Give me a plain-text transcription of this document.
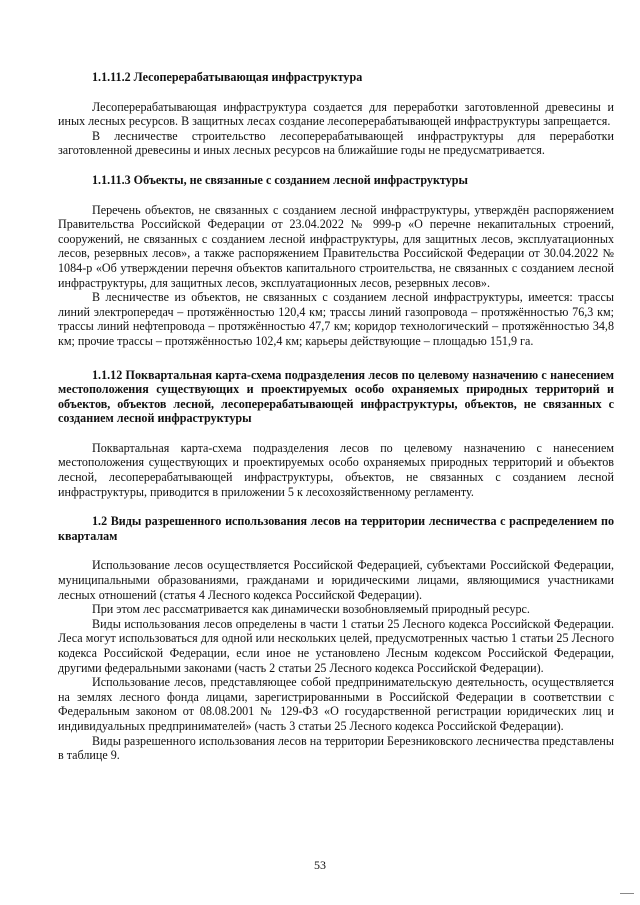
1.1.11.2 Лесоперерабатывающая инфраструктура

Лесоперерабатывающая инфраструктура создается для переработки заготовленной древесины и иных лесных ресурсов. В защитных лесах создание лесоперерабатывающей инфраструктуры запрещается.

В лесничестве строительство лесоперерабатывающей инфраструктуры для переработки заготовленной древесины и иных лесных ресурсов на ближайшие годы не предусматривается.

1.1.11.3 Объекты, не связанные с созданием лесной инфраструктуры

Перечень объектов, не связанных с созданием лесной инфраструктуры, утверждён распоряжением Правительства Российской Федерации от 23.04.2022 № 999-р «О перечне некапитальных строений, сооружений, не связанных с созданием лесной инфраструктуры, для защитных лесов, эксплуатационных лесов, резервных лесов», а также распоряжением Правительства Российской Федерации от 30.04.2022 № 1084-р «Об утверждении перечня объектов капитального строительства, не связанных с созданием лесной инфраструктуры, для защитных лесов, эксплуатационных лесов, резервных лесов».

В лесничестве из объектов, не связанных с созданием лесной инфраструктуры, имеется: трассы линий электропередач – протяжённостью 120,4 км; трассы линий газопровода – протяжённостью 76,3 км; трассы линий нефтепровода – протяжённостью 47,7 км; коридор технологический – протяжённостью 34,8 км; прочие трассы – протяжённостью 102,4 км; карьеры действующие – площадью 151,9 га.

1.1.12 Поквартальная карта-схема подразделения лесов по целевому назначению с нанесением местоположения существующих и проектируемых особо охраняемых природных территорий и объектов, объектов лесной, лесоперерабатывающей инфраструктуры, объектов, не связанных с созданием лесной инфраструктуры

Поквартальная карта-схема подразделения лесов по целевому назначению с нанесением местоположения существующих и проектируемых особо охраняемых природных территорий и объектов лесной, лесоперерабатывающей инфраструктуры, объектов, не связанных с созданием лесной инфраструктуры, приводится в приложении 5 к лесохозяйственному регламенту.

1.2 Виды разрешенного использования лесов на территории лесничества с распределением по кварталам

Использование лесов осуществляется Российской Федерацией, субъектами Российской Федерации, муниципальными образованиями, гражданами и юридическими лицами, являющимися участниками лесных отношений (статья 4 Лесного кодекса Российской Федерации).

При этом лес рассматривается как динамически возобновляемый природный ресурс.

Виды использования лесов определены в части 1 статьи 25 Лесного кодекса Российской Федерации. Леса могут использоваться для одной или нескольких целей, предусмотренных частью 1 статьи 25 Лесного кодекса Российской Федерации, если иное не установлено Лесным кодексом Российской Федерации, другими федеральными законами (часть 2 статьи 25 Лесного кодекса Российской Федерации).

Использование лесов, представляющее собой предпринимательскую деятельность, осуществляется на землях лесного фонда лицами, зарегистрированными в Российской Федерации в соответствии с Федеральным законом от 08.08.2001 № 129-ФЗ «О государственной регистрации юридических лиц и индивидуальных предпринимателей» (часть 3 статьи 25 Лесного кодекса Российской Федерации).

Виды разрешенного использования лесов на территории Березниковского лесничества представлены в таблице 9.

53
